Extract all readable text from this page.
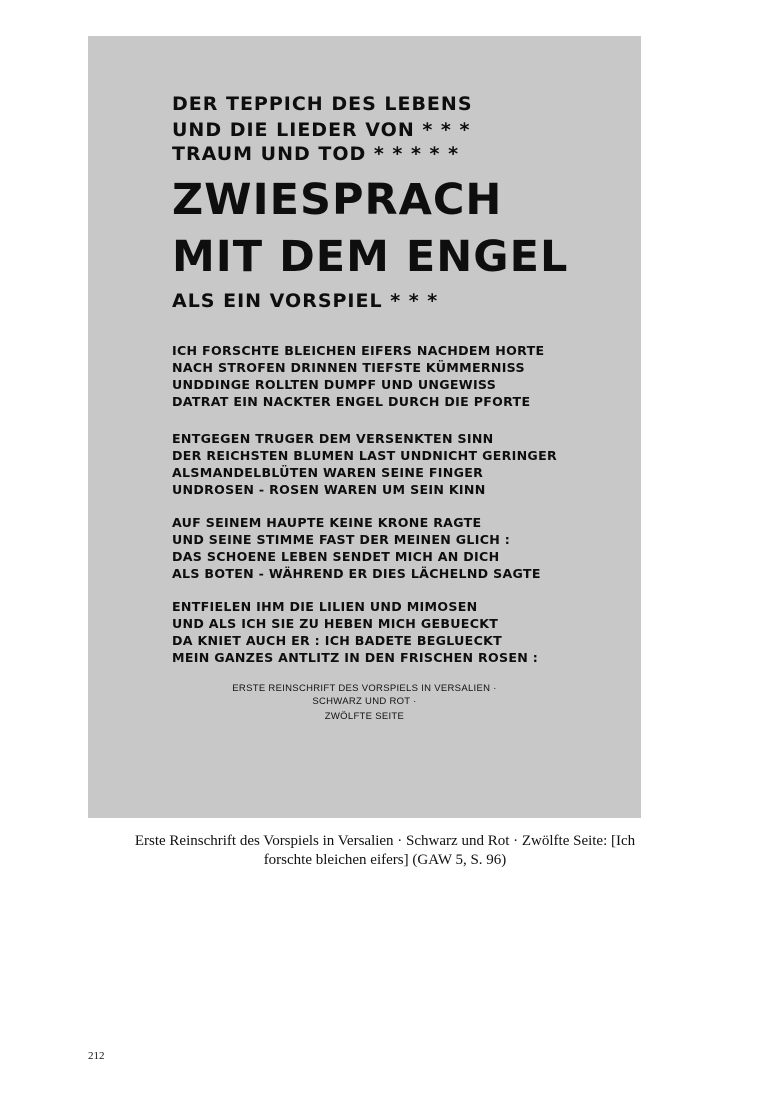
DER TEPPICH DES LEBENS
UND DIE LIEDER VON * * *
TRAUM UND TOD * * * * *
ZWIESPRACH
MIT DEM ENGEL
ALS EIN VORSPIEL * * *
ICH FORSCHTE BLEICHEN EIFERS NACHDEM HORTE
NACH STROFEN DRINNEN TIEFSTE KÜMMERNISS
UNDDINGE ROLLTEN DUMPF UND UNGEWISS
DATRAT EIN NACKTER ENGEL DURCH DIE PFORTE
ENTGEGEN TRUGER DEM VERSENKTEN SINN
DER REICHSTEN BLUMEN LAST UNDNICHT GERINGER
ALSMANDELBLÜTEN WAREN SEINE FINGER
UNDROSEN - ROSEN WAREN UM SEIN KINN
AUF SEINEM HAUPTE KEINE KRONE RAGTE
UND SEINE STIMME FAST DER MEINEN GLICH :
DAS SCHOENE LEBEN SENDET MICH AN DICH
ALS BOTEN - WÄHREND ER DIES LÄCHELND SAGTE
ENTFIELEN IHM DIE LILIEN UND MIMOSEN
UND ALS ICH SIE ZU HEBEN MICH GEBUECKT
DA KNIET AUCH ER : ICH BADETE BEGLUECKT
MEIN GANZES ANTLITZ IN DEN FRISCHEN ROSEN :
ERSTE REINSCHRIFT DES VORSPIELS IN VERSALIEN ·
SCHWARZ UND ROT ·
ZWÖLFTE SEITE
Erste Reinschrift des Vorspiels in Versalien · Schwarz und Rot · Zwölfte Seite: [Ich
forschte bleichen eifers] (GAW 5, S. 96)
212
